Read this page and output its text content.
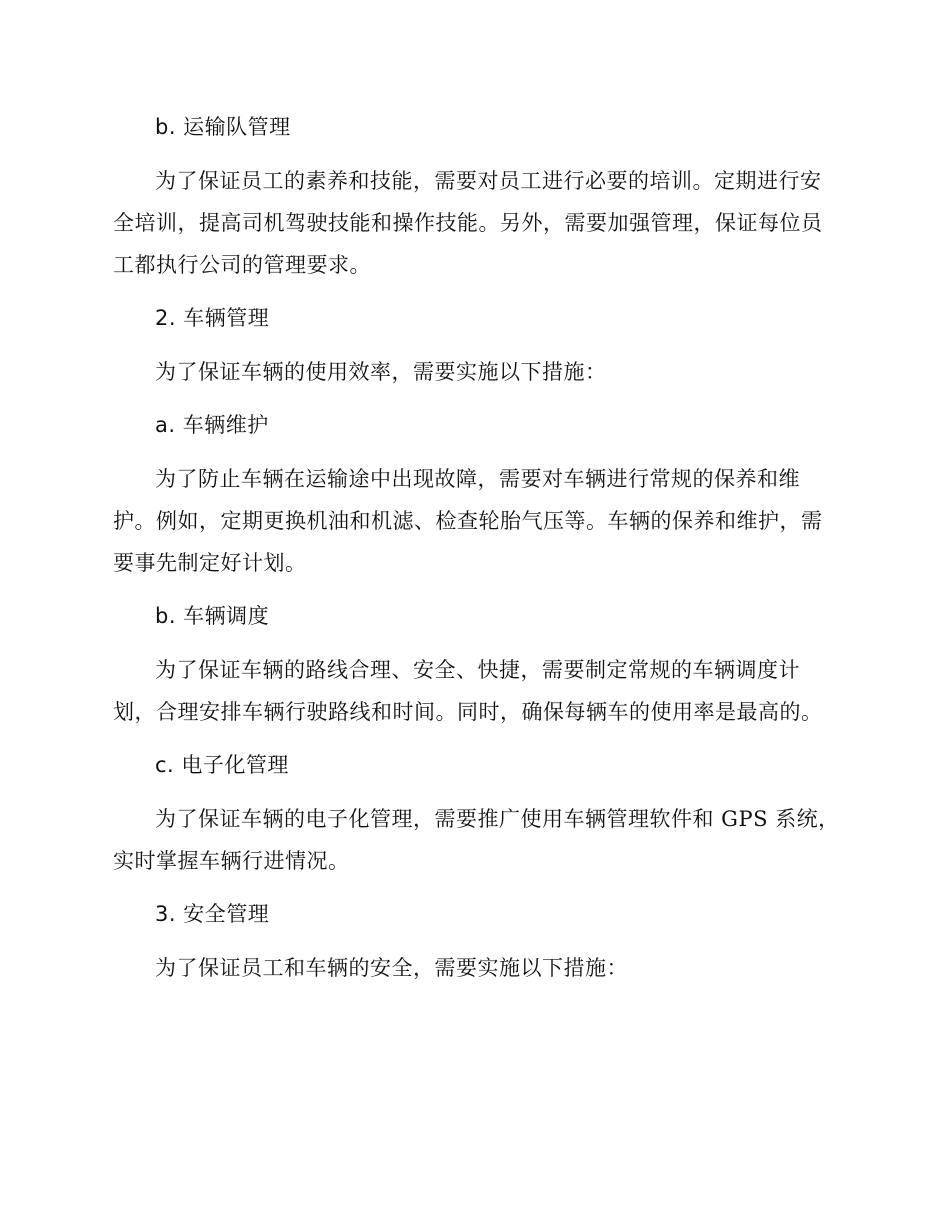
b. 运输队管理
为了保证员工的素养和技能，需要对员工进行必要的培训。定期进行安
全培训，提高司机驾驶技能和操作技能。另外，需要加强管理，保证每位员
工都执行公司的管理要求。
2. 车辆管理
为了保证车辆的使用效率，需要实施以下措施：
a. 车辆维护
为了防止车辆在运输途中出现故障，需要对车辆进行常规的保养和维
护。例如，定期更换机油和机滤、检查轮胎气压等。车辆的保养和维护，需
要事先制定好计划。
b. 车辆调度
为了保证车辆的路线合理、安全、快捷，需要制定常规的车辆调度计
划，合理安排车辆行驶路线和时间。同时，确保每辆车的使用率是最高的。
c. 电子化管理
为了保证车辆的电子化管理，需要推广使用车辆管理软件和 GPS 系统，
实时掌握车辆行进情况。
3. 安全管理
为了保证员工和车辆的安全，需要实施以下措施：
